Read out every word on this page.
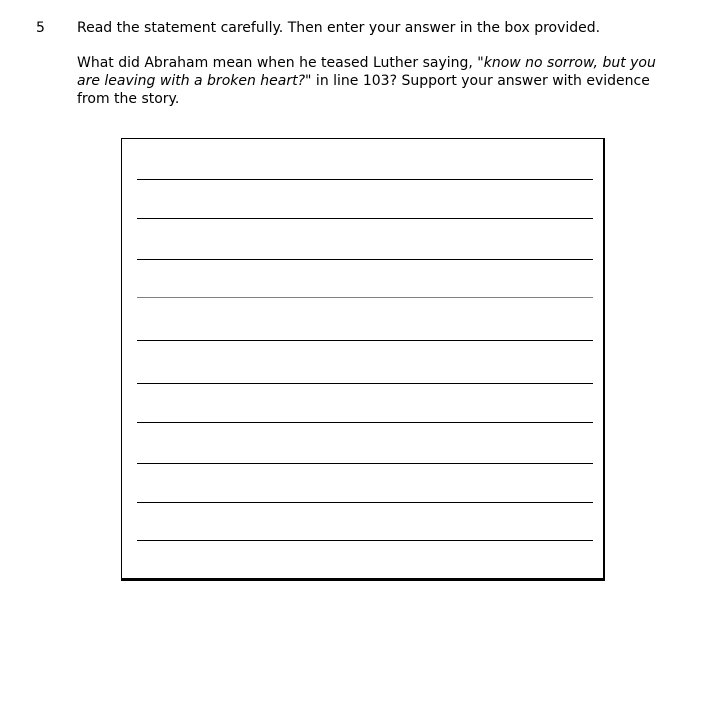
5 Read the statement carefully. Then enter your answer in the box provided.

What did Abraham mean when he teased Luther saying, "know no sorrow, but you are leaving with a broken heart?" in line 103? Support your answer with evidence from the story.
